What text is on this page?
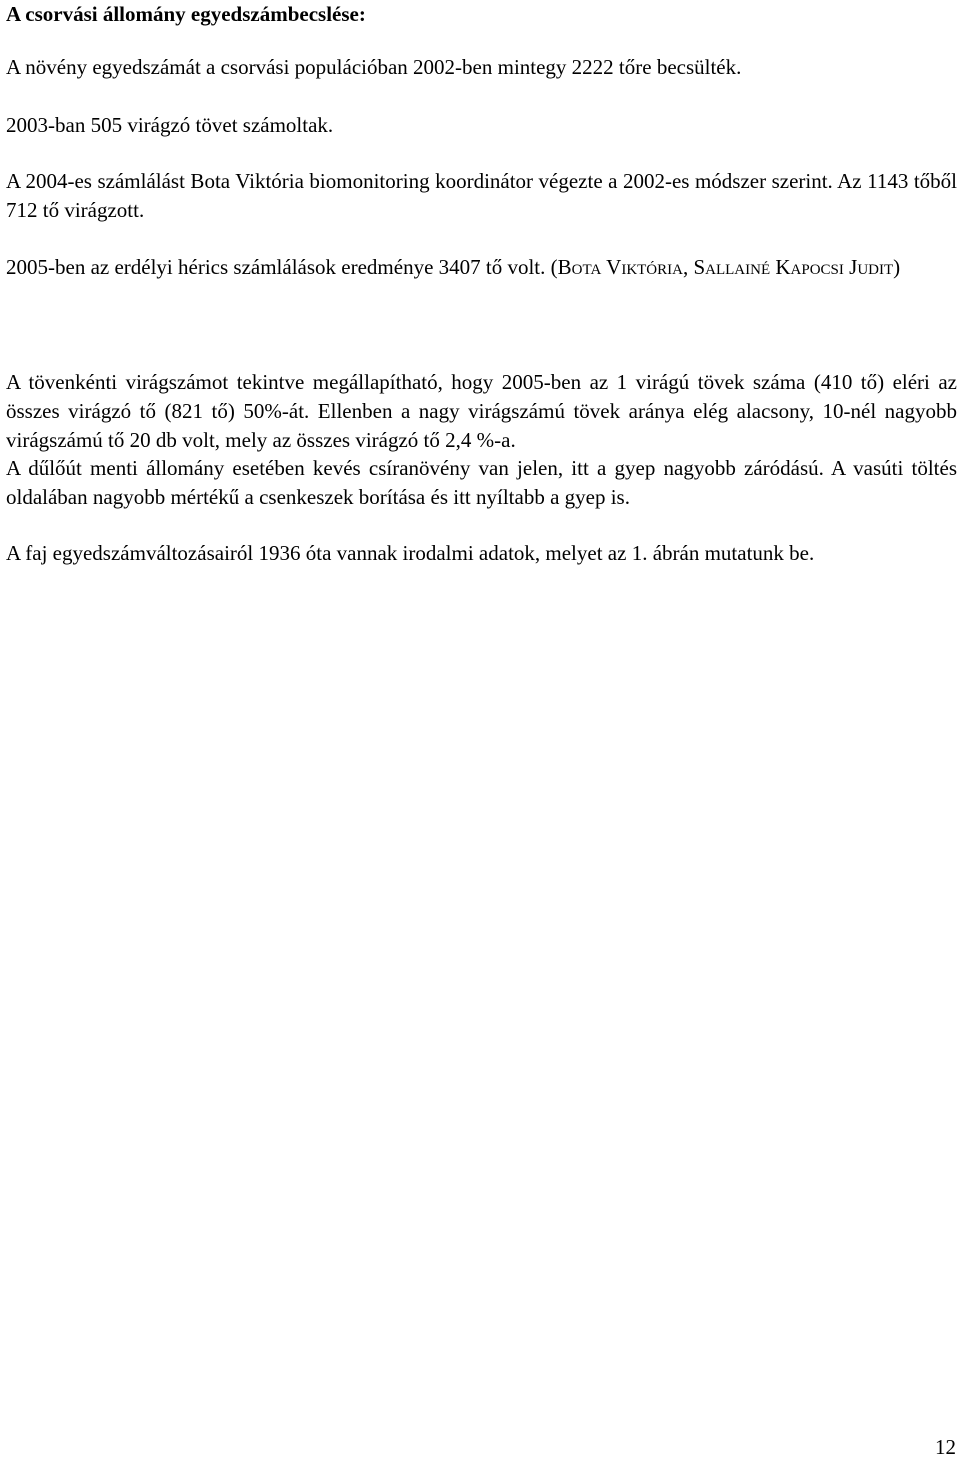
A csorvási állomány egyedszámbecslése:

A növény egyedszámát a csorvási populációban 2002-ben mintegy 2222 tőre becsülték.

2003-ban 505 virágzó tövet számoltak.

A 2004-es számlálást Bota Viktória biomonitoring koordinátor végezte a 2002-es módszer szerint. Az 1143 tőből 712 tő virágzott.

2005-ben az erdélyi hérics számlálások eredménye 3407 tő volt. (Bota Viktória, Sallainé Kapocsi Judit)

A tövenkénti virágszámot tekintve megállapítható, hogy 2005-ben az 1 virágú tövek száma (410 tő) eléri az összes virágzó tő (821 tő) 50%-át. Ellenben a nagy virágszámú tövek aránya elég alacsony, 10-nél nagyobb virágszámú tő 20 db volt, mely az összes virágzó tő 2,4 %-a.

A dűlőút menti állomány esetében kevés csíranövény van jelen, itt a gyep nagyobb záródású. A vasúti töltés oldalában nagyobb mértékű a csenkeszek borítása és itt nyíltabb a gyep is.

A faj egyedszámváltozásairól 1936 óta vannak irodalmi adatok, melyet az 1. ábrán mutatunk be.

12
